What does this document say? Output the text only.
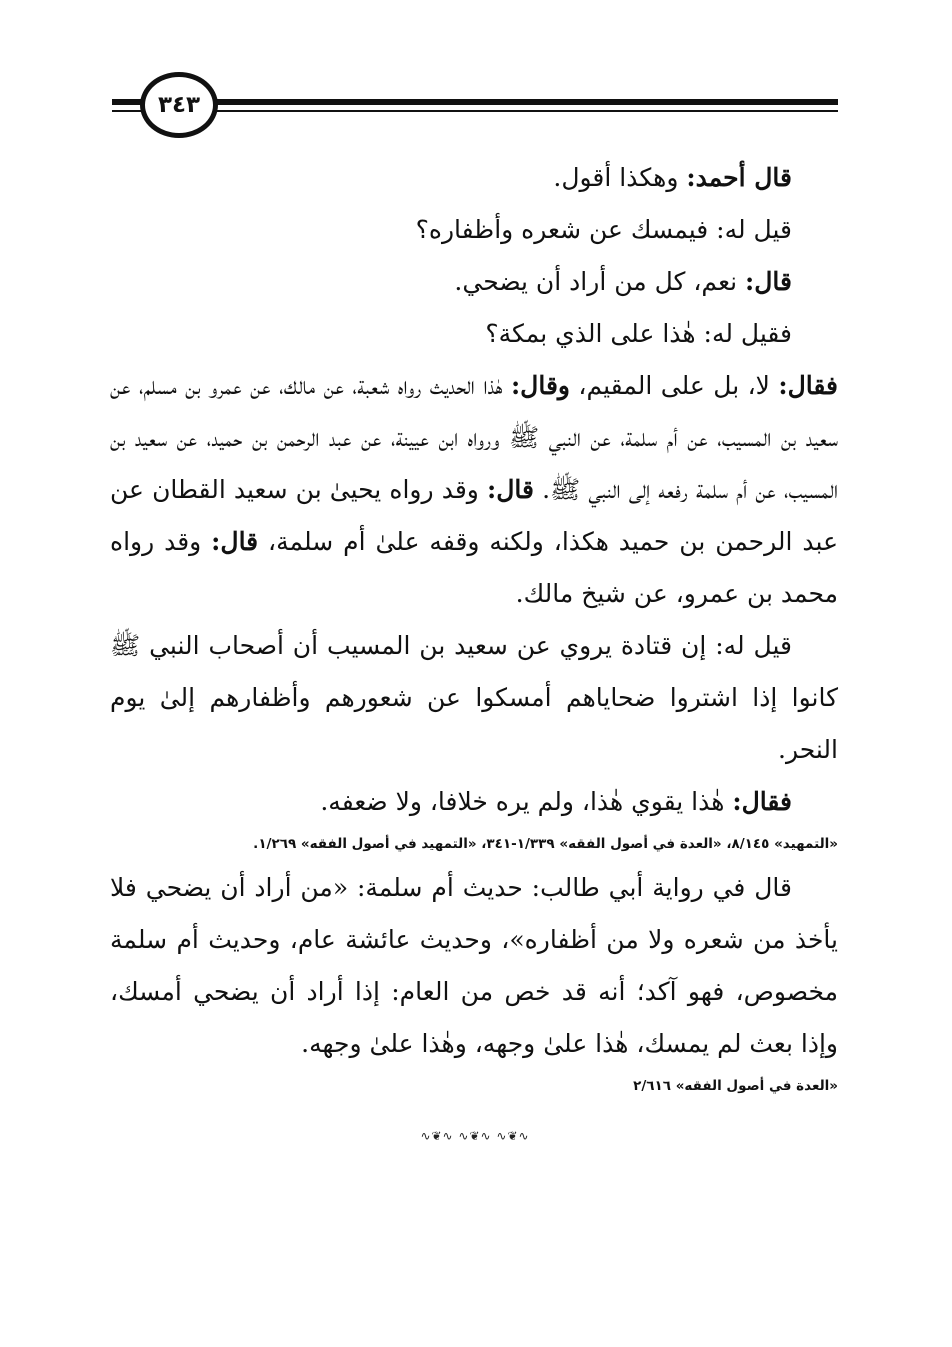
٣٤٣

قال أحمد: وهكذا أقول.

قيل له: فيمسك عن شعره وأظفاره؟

قال: نعم، كل من أراد أن يضحي.

فقيل له: هٰذا على الذي بمكة؟

فقال: لا، بل على المقيم، وقال: هٰذا الحديث رواه شعبة، عن مالك، عن عمرو بن مسلم، عن سعيد بن المسيب، عن أم سلمة، عن النبي ﷺ ورواه ابن عيينة، عن عبد الرحمن بن حميد، عن سعيد بن المسيب، عن أم سلمة رفعه إلى النبي ﷺ. قال: وقد رواه يحيىٰ بن سعيد القطان عن عبد الرحمن بن حميد هكذا، ولكنه وقفه علىٰ أم سلمة، قال: وقد رواه محمد بن عمرو، عن شيخ مالك.

قيل له: إن قتادة يروي عن سعيد بن المسيب أن أصحاب النبي ﷺ كانوا إذا اشتروا ضحاياهم أمسكوا عن شعورهم وأظفارهم إلىٰ يوم النحر.

فقال: هٰذا يقوي هٰذا، ولم يره خلافا، ولا ضعفه.

«التمهيد» ٨/١٤٥، «العدة في أصول الفقه» ١/٣٣٩-٣٤١، «التمهيد في أصول الفقه» ١/٢٦٩.

قال في رواية أبي طالب: حديث أم سلمة: «من أراد أن يضحي فلا يأخذ من شعره ولا من أظفاره»، وحديث عائشة عام، وحديث أم سلمة مخصوص، فهو آكد؛ أنه قد خص من العام: إذا أراد أن يضحي أمسك، وإذا بعث لم يمسك، هٰذا علىٰ وجهه، وهٰذا علىٰ وجهه.

«العدة في أصول الفقه» ٢/٦١٦
∿❦∿ ∿❦∿ ∿❦∿
